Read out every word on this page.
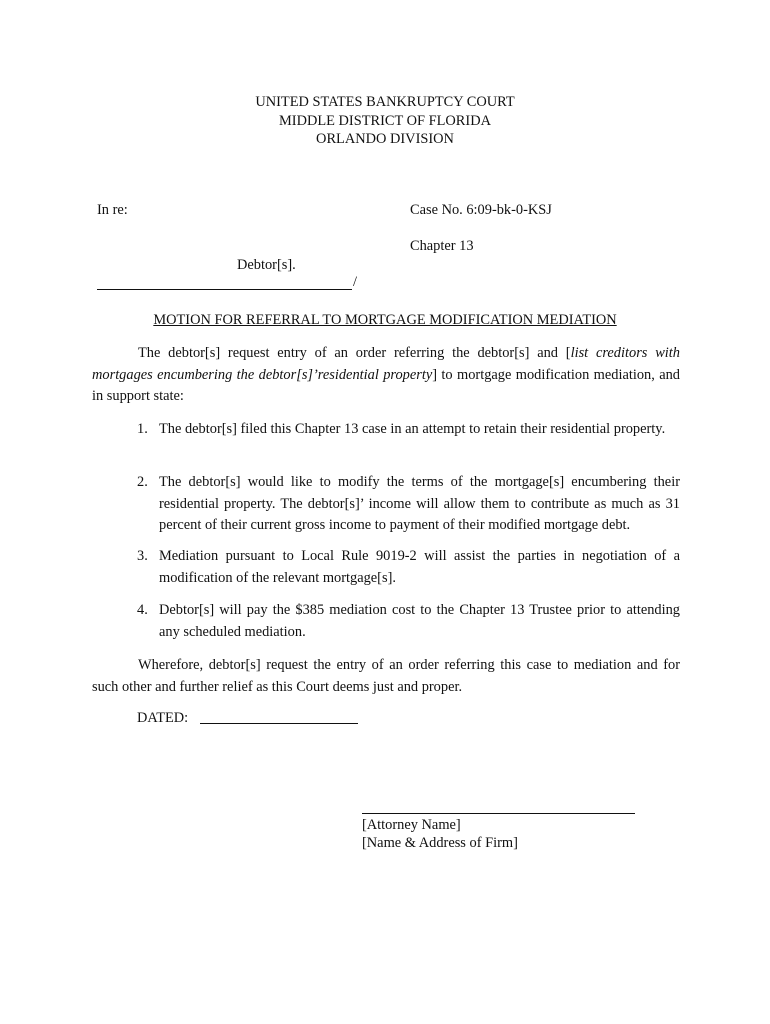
UNITED STATES BANKRUPTCY COURT
MIDDLE DISTRICT OF FLORIDA
ORLANDO DIVISION
In re:	Case No. 6:09-bk-0-KSJ
Chapter 13
Debtor[s].
/
MOTION FOR REFERRAL TO MORTGAGE MODIFICATION MEDIATION

The debtor[s] request entry of an order referring the debtor[s] and [list creditors with mortgages encumbering the debtor[s]’residential property] to mortgage modification mediation, and in support state:

1. The debtor[s] filed this Chapter 13 case in an attempt to retain their residential property.
2. The debtor[s] would like to modify the terms of the mortgage[s] encumbering their residential property. The debtor[s]’ income will allow them to contribute as much as 31 percent of their current gross income to payment of their modified mortgage debt.
3. Mediation pursuant to Local Rule 9019-2 will assist the parties in negotiation of a modification of the relevant mortgage[s].
4. Debtor[s] will pay the $385 mediation cost to the Chapter 13 Trustee prior to attending any scheduled mediation.

Wherefore, debtor[s] request the entry of an order referring this case to mediation and for such other and further relief as this Court deems just and proper.

DATED:
[Attorney Name]
[Name & Address of Firm]
